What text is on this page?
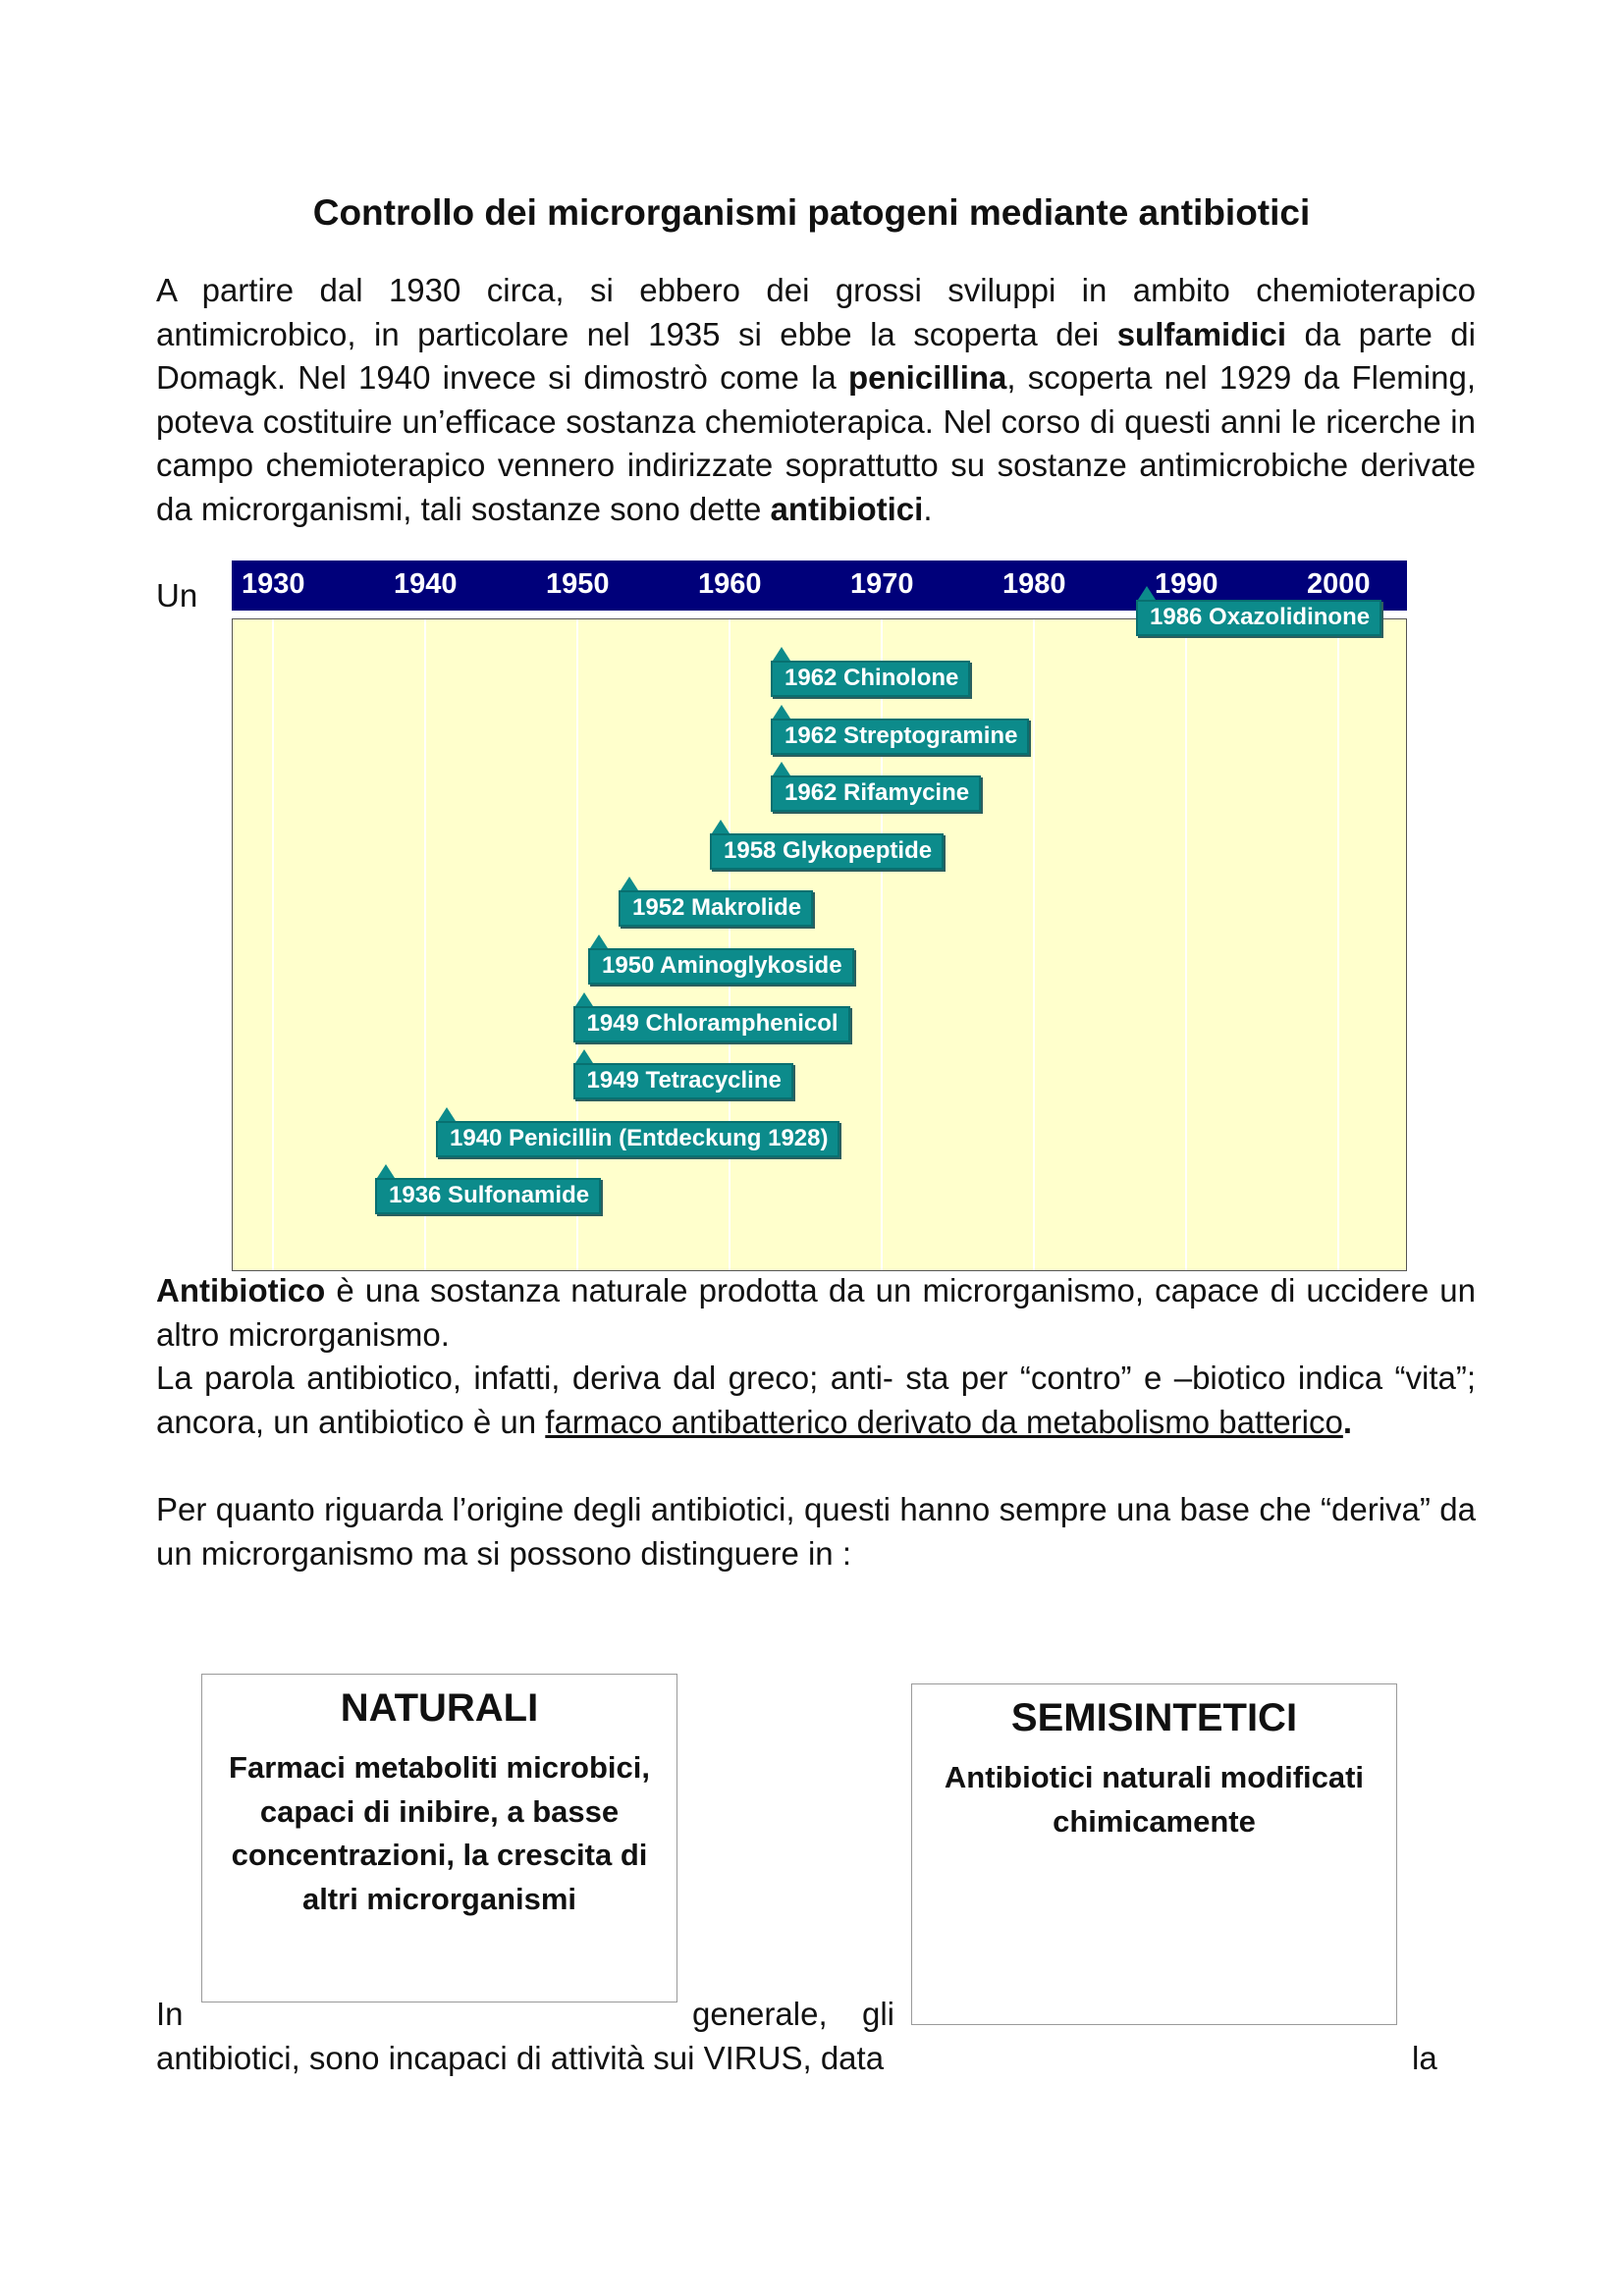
Controllo dei microrganismi patogeni mediante antibiotici

A partire dal 1930 circa, si ebbero dei grossi sviluppi in ambito chemioterapico antimicrobico, in particolare nel 1935 si ebbe la scoperta dei sulfamidici da parte di Domagk. Nel 1940 invece si dimostrò come la penicillina, scoperta nel 1929 da Fleming, poteva costituire un’efficace sostanza chemioterapica. Nel corso di questi anni le ricerche in campo chemioterapico vennero indirizzate soprattutto su sostanze antimicrobiche derivate da microrganismi, tali sostanze sono dette antibiotici.

Un 1930	1940	1950	1960	1970	1980	1990	2000
1986 Oxazolidinone
1962 Chinolone
1962 Streptogramine
1962 Rifamycine
1958 Glykopeptide
1952 Makrolide
1950 Aminoglykoside
1949 Chloramphenicol
1949 Tetracycline
1940 Penicillin (Entdeckung 1928)
1936 Sulfonamide

Antibiotico è una sostanza naturale prodotta da un microrganismo, capace di uccidere un altro microrganismo.

La parola antibiotico, infatti, deriva dal greco; anti- sta per “contro” e –biotico indica “vita”; ancora, un antibiotico è un farmaco antibatterico derivato da metabolismo batterico.

Per quanto riguarda l’origine degli antibiotici, questi hanno sempre una base che “deriva” da un microrganismo ma si possono distinguere in :

NATURALI

Farmaci metaboliti microbici, capaci di inibire, a basse concentrazioni, la crescita di altri microrganismi

SEMISINTETICI

Antibiotici naturali modificati chimicamente

In	generale, gli
antibiotici, sono incapaci di attività sui VIRUS, data	la
